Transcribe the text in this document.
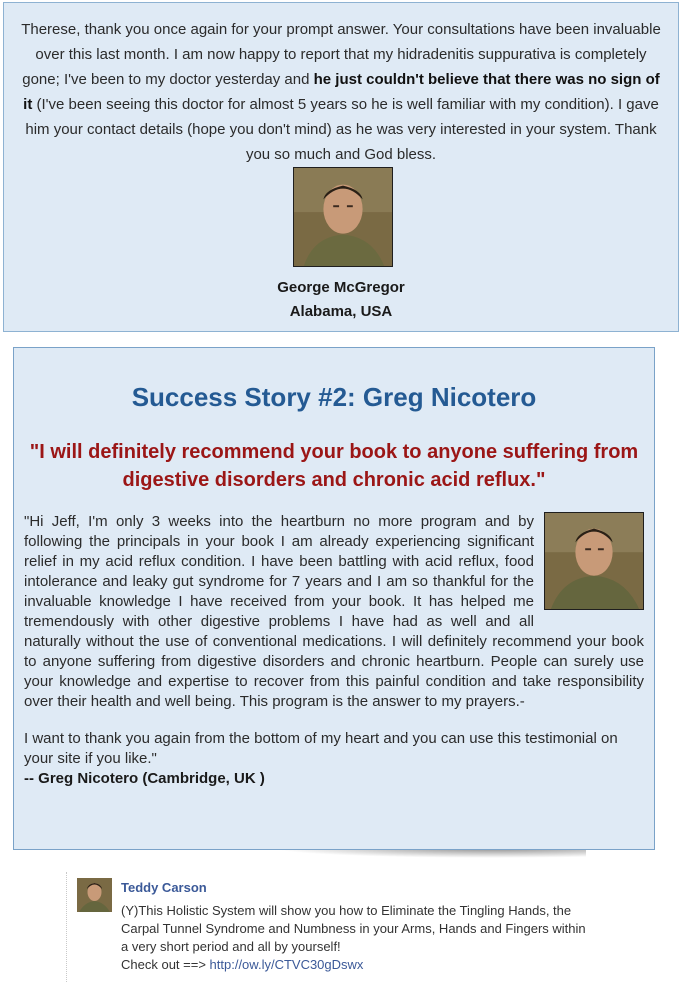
Therese, thank you once again for your prompt answer. Your consultations have been invaluable over this last month. I am now happy to report that my hidradenitis suppurativa is completely gone; I've been to my doctor yesterday and he just couldn't believe that there was no sign of it (I've been seeing this doctor for almost 5 years so he is well familiar with my condition). I gave him your contact details (hope you don't mind) as he was very interested in your system. Thank you so much and God bless.
George McGregor
Alabama, USA
Success Story #2: Greg Nicotero
"I will definitely recommend your book to anyone suffering from digestive disorders and chronic acid reflux."

"Hi Jeff, I'm only 3 weeks into the heartburn no more program and by following the principals in your book I am already experiencing significant relief in my acid reflux condition. I have been battling with acid reflux, food intolerance and leaky gut syndrome for 7 years and I am so thankful for the invaluable knowledge I have received from your book. It has helped me tremendously with other digestive problems I have had as well and all naturally without the use of conventional medications. I will definitely recommend your book to anyone suffering from digestive disorders and chronic heartburn. People can surely use your knowledge and expertise to recover from this painful condition and take responsibility over their health and well being. This program is the answer to my prayers.-

I want to thank you again from the bottom of my heart and you can use this testimonial on your site if you like."

-- Greg Nicotero (Cambridge, UK )

Teddy Carson
(Y)This Holistic System will show you how to Eliminate the Tingling Hands, the Carpal Tunnel Syndrome and Numbness in your Arms, Hands and Fingers within a very short period and all by yourself!
Check out ==> http://ow.ly/CTVC30gDswx
